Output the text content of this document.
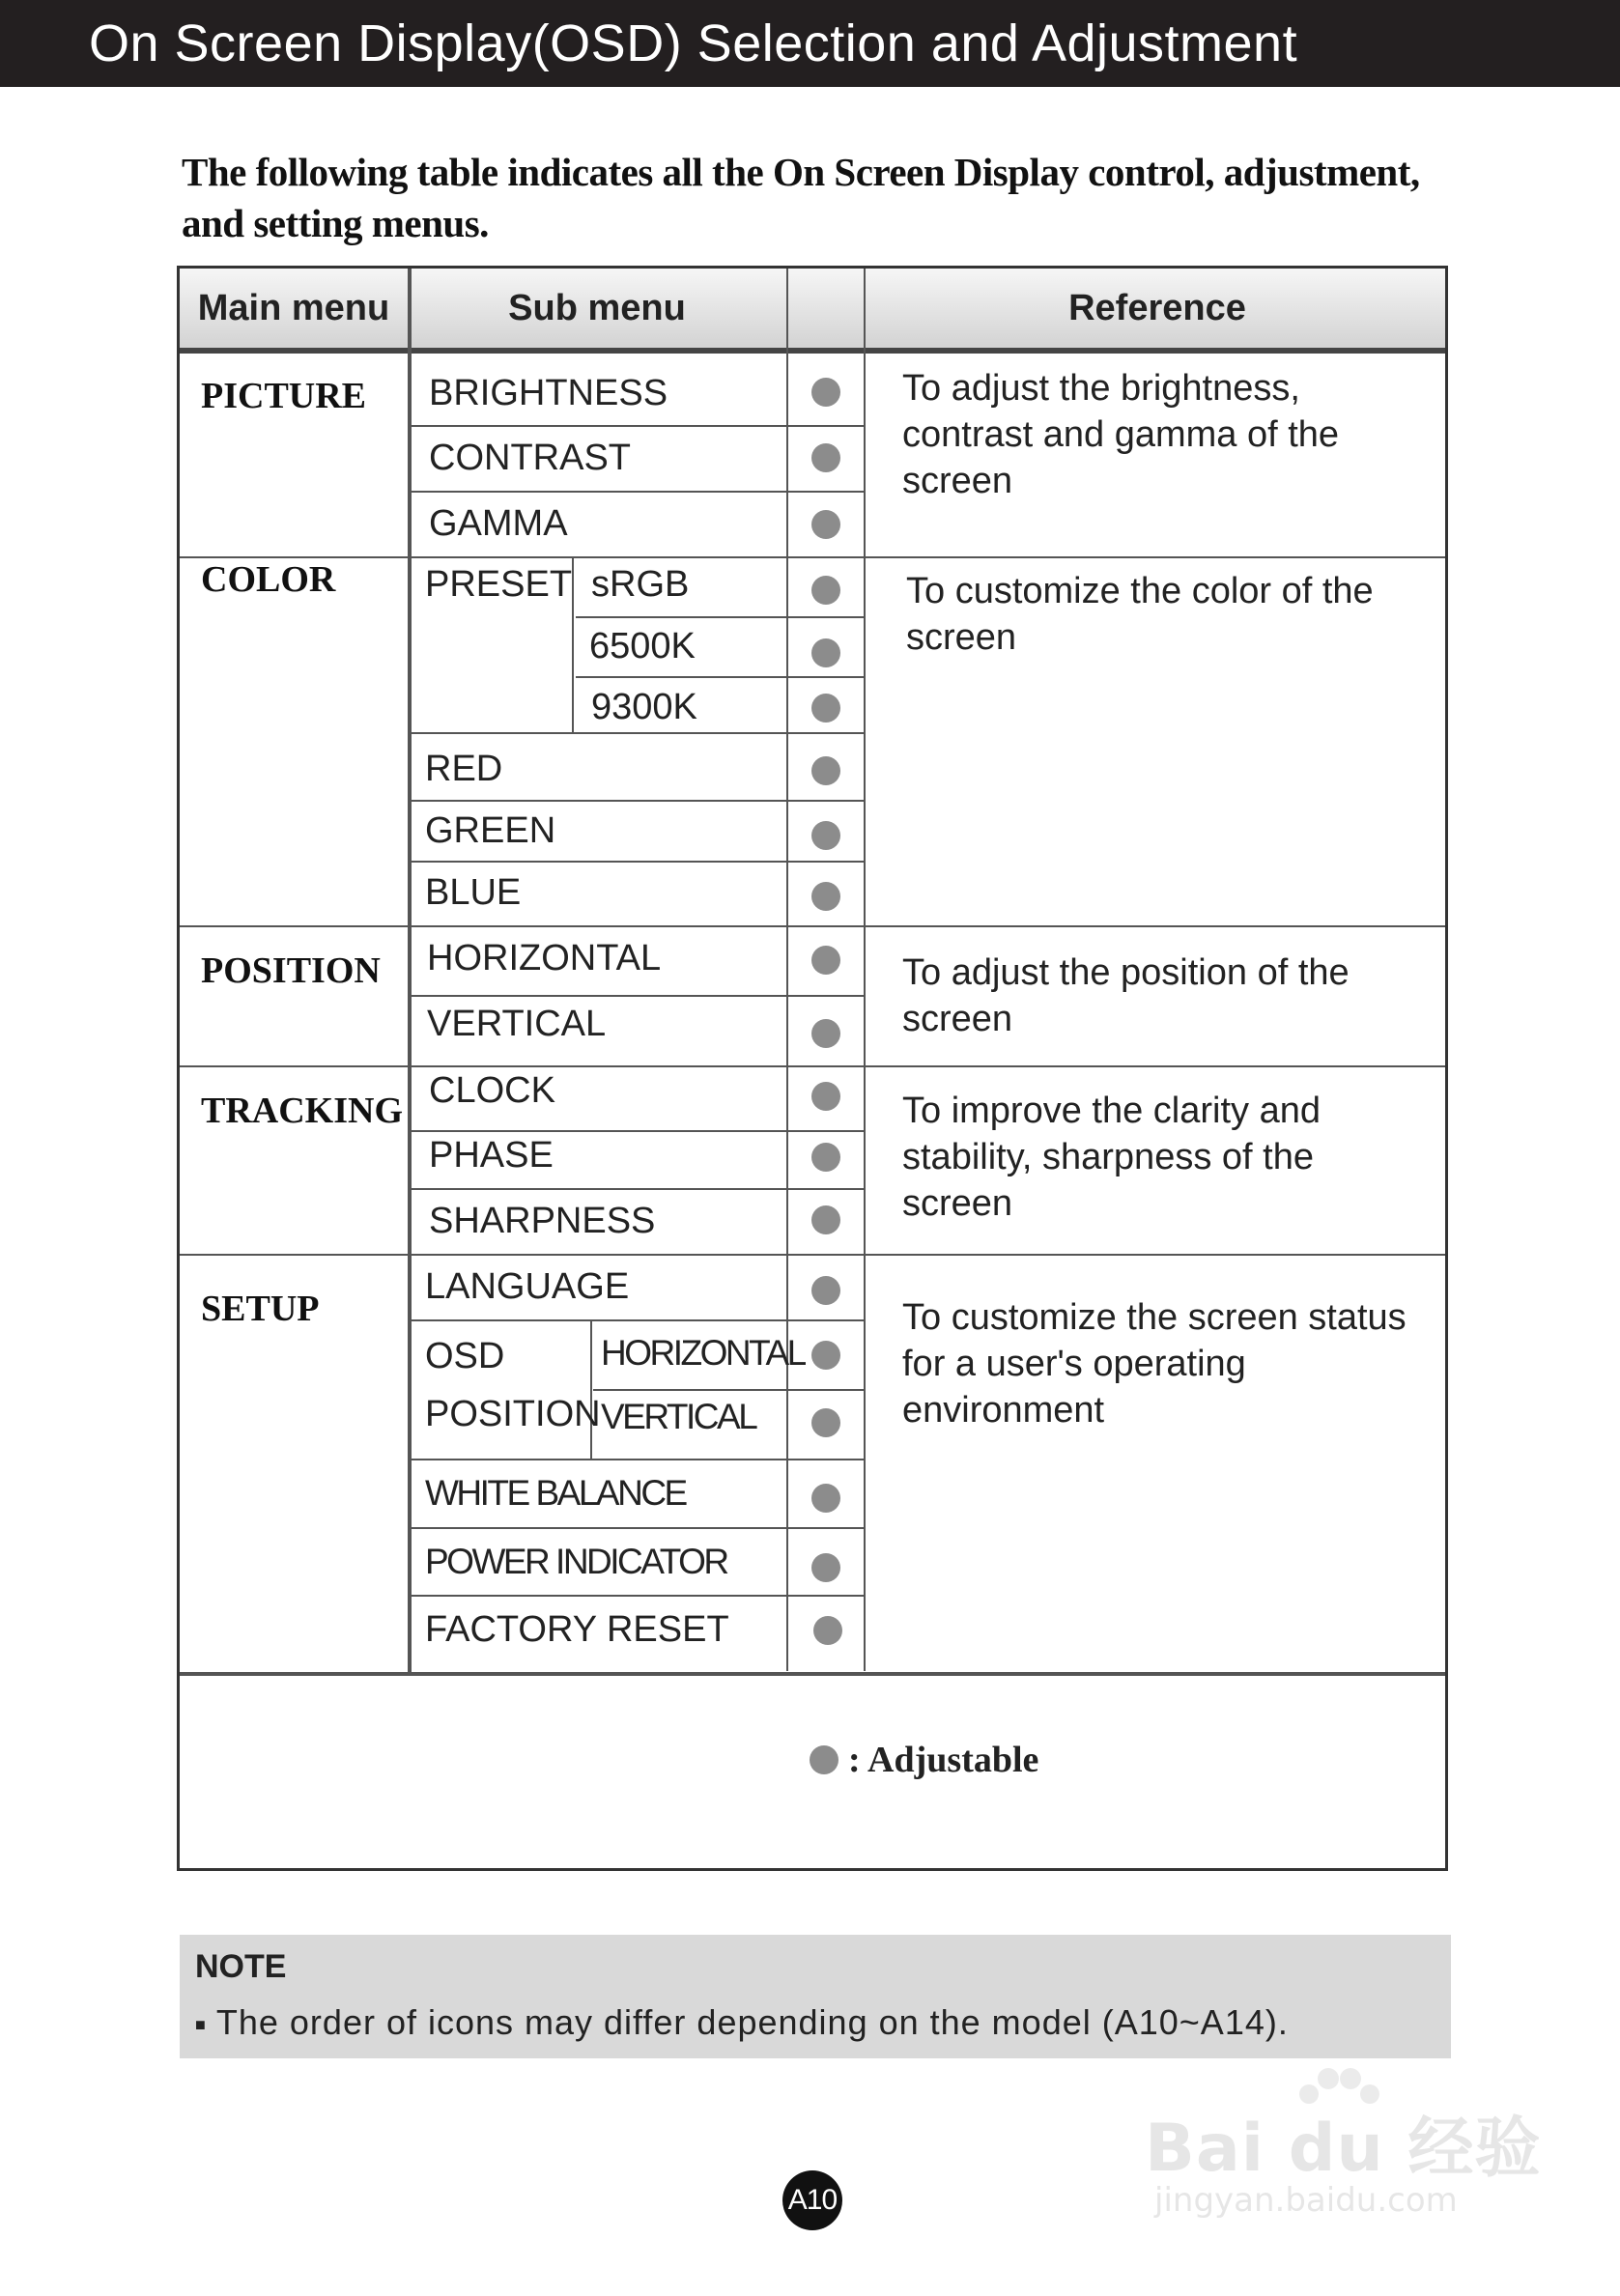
On Screen Display(OSD) Selection and Adjustment
The following table indicates all the On Screen Display control, adjustment, and setting menus.
Main menu	Sub menu	Reference
PICTURE BRIGHTNESS
CONTRAST
GAMMA
To adjust the brightness, contrast and gamma of the screen
COLOR PRESET sRGB
6500K
9300K
RED
GREEN
BLUE
To customize the color of the screen
POSITION HORIZONTAL
VERTICAL
To adjust the position of the screen
TRACKING CLOCK
PHASE
SHARPNESS
To improve the clarity and stability, sharpness of the screen
SETUP
LANGUAGE
OSD
POSITION
HORIZONTAL
VERTICAL
WHITE BALANCE
POWER INDICATOR
FACTORY RESET
To customize the screen status for a user's operating environment
: Adjustable
NOTE
■ The order of icons may differ depending on the model (A10~A14).
A10
Bai du 经验
jingyan.baidu.com
